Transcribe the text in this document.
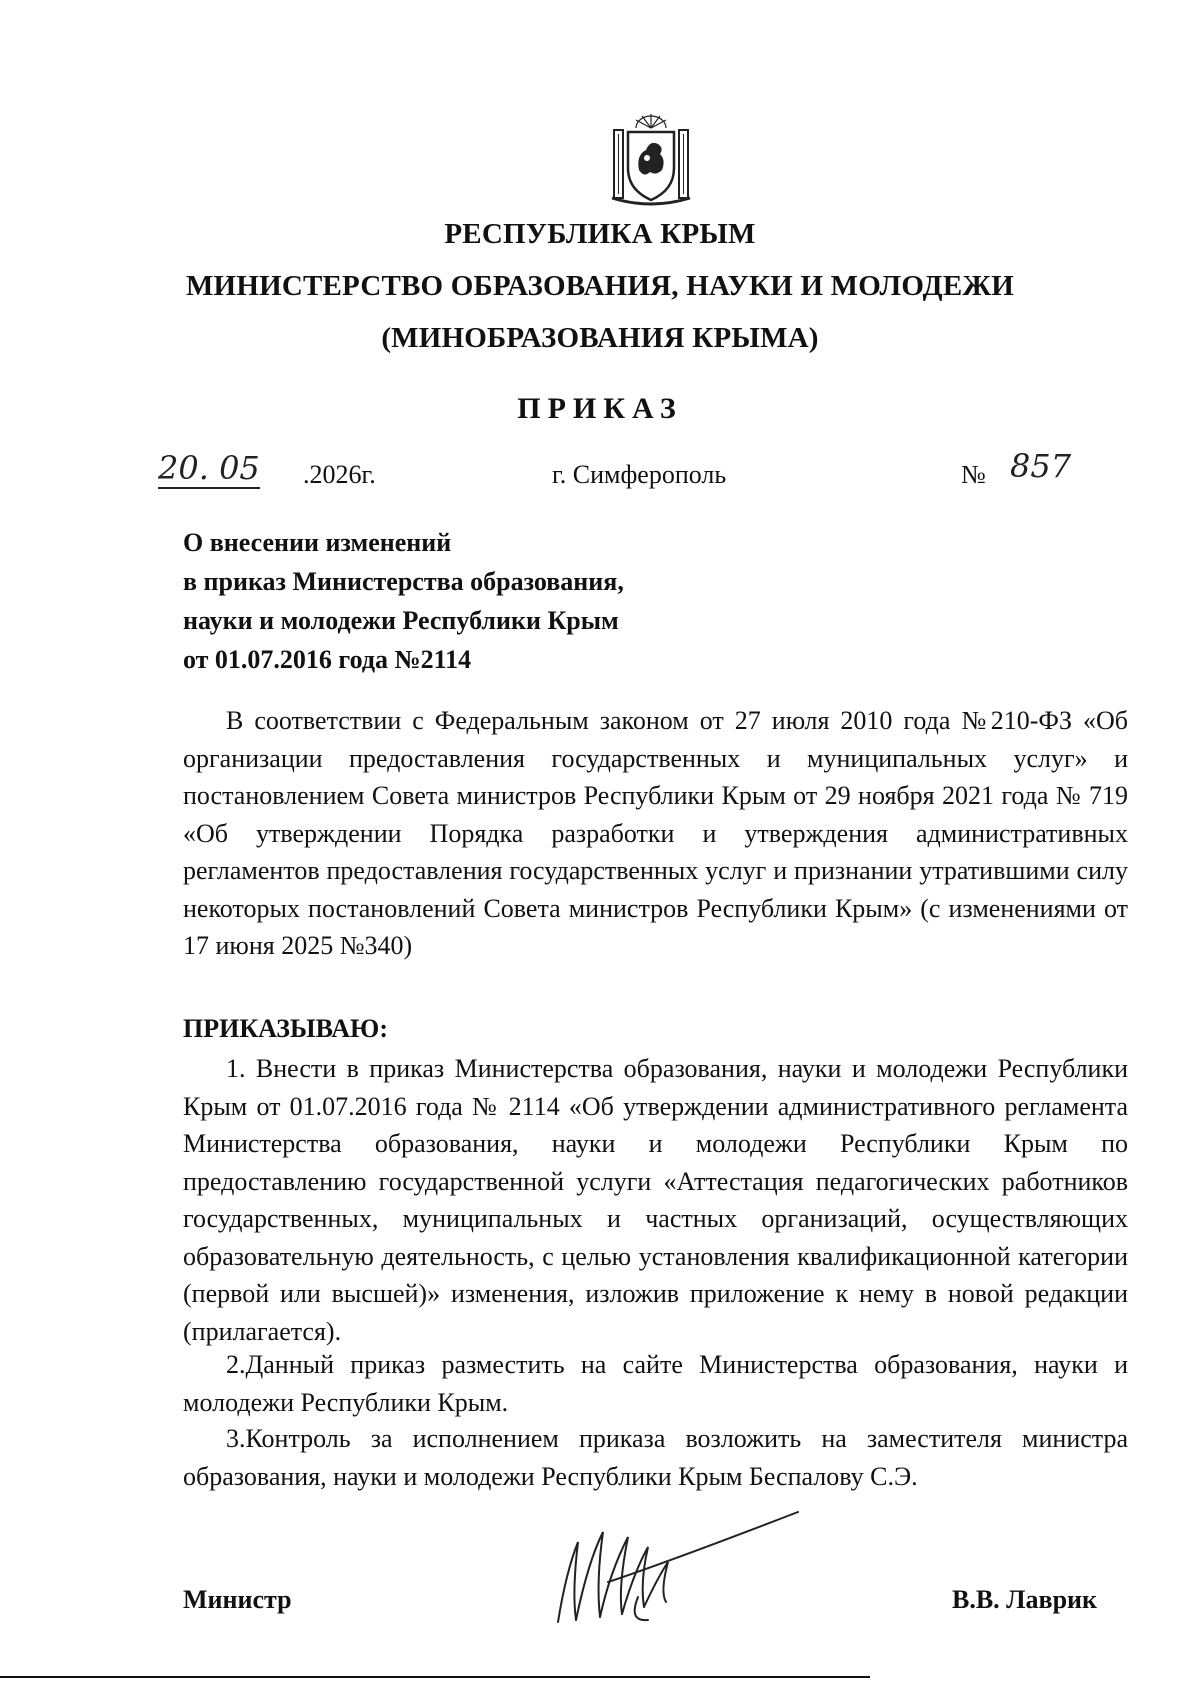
РЕСПУБЛИКА КРЫМ
МИНИСТЕРСТВО ОБРАЗОВАНИЯ, НАУКИ И МОЛОДЕЖИ
(МИНОБРАЗОВАНИЯ КРЫМА)
ПРИКАЗ
20. 05 .2026г.	г. Симферополь	№ 857
О внесении изменений
в приказ Министерства образования,
науки и молодежи Республики Крым
от 01.07.2016 года №2114
В соответствии с Федеральным законом от 27 июля 2010 года №210-ФЗ «Об организации предоставления государственных и муниципальных услуг» и постановлением Совета министров Республики Крым от 29 ноября 2021 года № 719 «Об утверждении Порядка разработки и утверждения административных регламентов предоставления государственных услуг и признании утратившими силу некоторых постановлений Совета министров Республики Крым» (с изменениями от 17 июня 2025 №340)
ПРИКАЗЫВАЮ:
1. Внести в приказ Министерства образования, науки и молодежи Республики Крым от 01.07.2016 года № 2114 «Об утверждении административного регламента Министерства образования, науки и молодежи Республики Крым по предоставлению государственной услуги «Аттестация педагогических работников государственных, муниципальных и частных организаций, осуществляющих образовательную деятельность, с целью установления квалификационной категории (первой или высшей)» изменения, изложив приложение к нему в новой редакции (прилагается).
2.Данный приказ разместить на сайте Министерства образования, науки и молодежи Республики Крым.
3.Контроль за исполнением приказа возложить на заместителя министра образования, науки и молодежи Республики Крым Беспалову С.Э.
Министр	В.В. Лаврик
